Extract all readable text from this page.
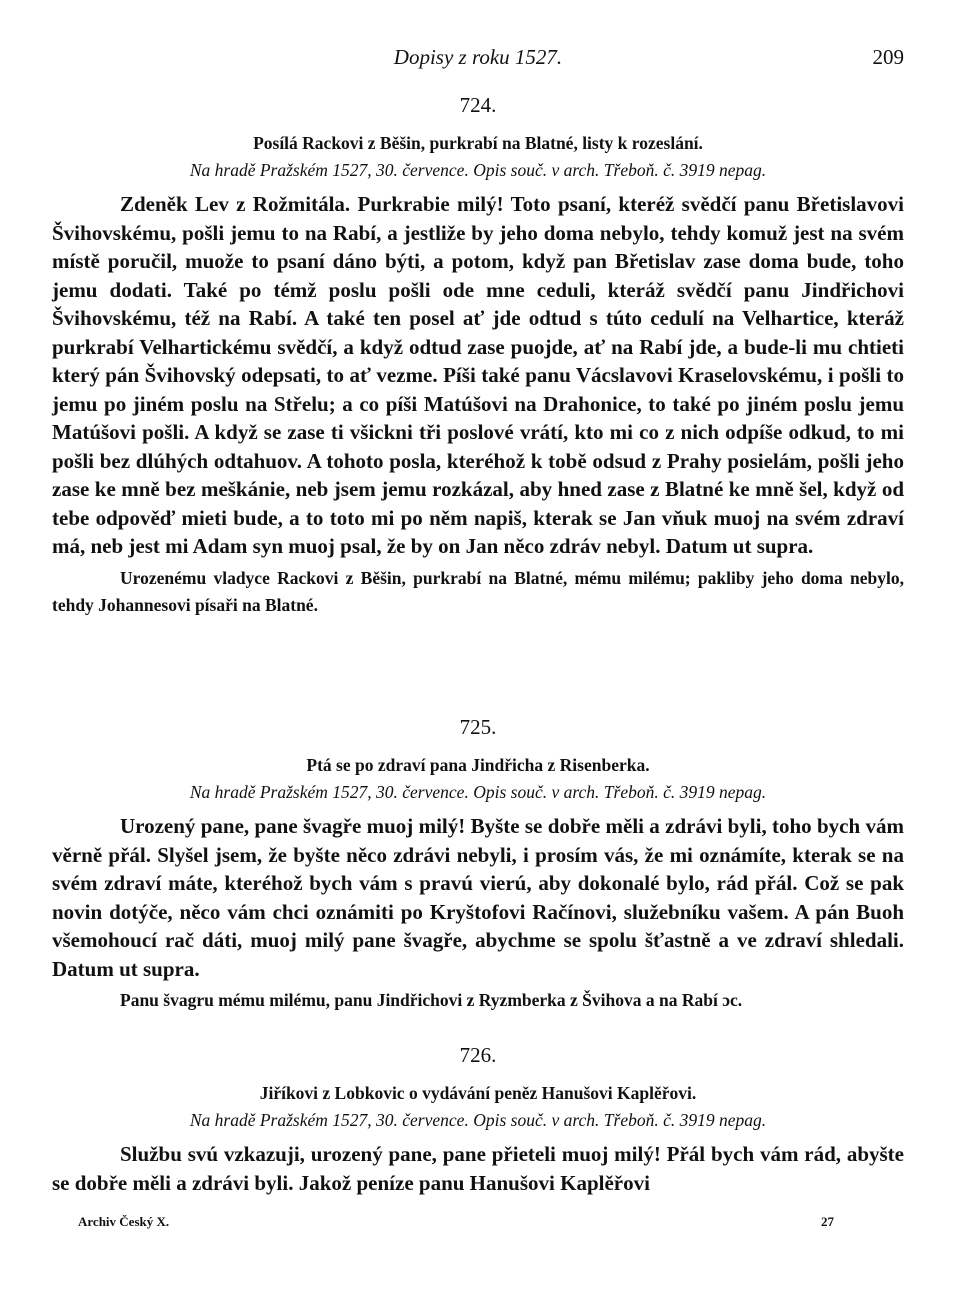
Dopisy z roku 1527.	209
724.
Posílá Rackovi z Běšin, purkrabí na Blatné, listy k rozeslání.
Na hradě Pražském 1527, 30. července. Opis souč. v arch. Třeboň. č. 3919 nepag.
Zdeněk Lev z Rožmitála. Purkrabie milý! Toto psaní, kteréž svědčí panu Břetislavovi Švihovskému, pošli jemu to na Rabí, a jestliže by jeho doma nebylo, tehdy komuž jest na svém místě poručil, muože to psaní dáno býti, a potom, když pan Břetislav zase doma bude, toho jemu dodati. Také po témž poslu pošli ode mne ceduli, kteráž svědčí panu Jindřichovi Švihovskému, též na Rabí. A také ten posel ať jde odtud s túto cedulí na Velhartice, kteráž purkrabí Velhartickému svědčí, a když odtud zase puojde, ať na Rabí jde, a bude-li mu chtieti který pán Švihovský odepsati, to ať vezme. Píši také panu Vácslavovi Kraselovskému, i pošli to jemu po jiném poslu na Střelu; a co píši Matúšovi na Drahonice, to také po jiném poslu jemu Matúšovi pošli. A když se zase ti všickni tři poslové vrátí, kto mi co z nich odpíše odkud, to mi pošli bez dlúhých odtahuov. A tohoto posla, kteréhož k tobě odsud z Prahy posielám, pošli jeho zase ke mně bez meškánie, neb jsem jemu rozkázal, aby hned zase z Blatné ke mně šel, když od tebe odpověď mieti bude, a to toto mi po něm napiš, kterak se Jan vňuk muoj na svém zdraví má, neb jest mi Adam syn muoj psal, že by on Jan něco zdráv nebyl. Datum ut supra.
Urozenému vladyce Rackovi z Běšin, purkrabí na Blatné, mému milému; pakliby jeho doma nebylo, tehdy Johannesovi písaři na Blatné.
725.
Ptá se po zdraví pana Jindřicha z Risenberka.
Na hradě Pražském 1527, 30. července. Opis souč. v arch. Třeboň. č. 3919 nepag.
Urozený pane, pane švagře muoj milý! Byšte se dobře měli a zdrávi byli, toho bych vám věrně přál. Slyšel jsem, že byšte něco zdrávi nebyli, i prosím vás, že mi oznámíte, kterak se na svém zdraví máte, kteréhož bych vám s pravú vierú, aby dokonalé bylo, rád přál. Což se pak novin dotýče, něco vám chci oznámiti po Kryštofovi Račínovi, služebníku vašem. A pán Buoh všemohoucí rač dáti, muoj milý pane švagře, abychme se spolu šťastně a ve zdraví shledali. Datum ut supra.
Panu švagru mému milému, panu Jindřichovi z Ryzmberka z Švihova a na Rabí ɔc.
726.
Jiříkovi z Lobkovic o vydávání peněz Hanušovi Kaplěřovi.
Na hradě Pražském 1527, 30. července. Opis souč. v arch. Třeboň. č. 3919 nepag.
Službu svú vzkazuji, urozený pane, pane přieteli muoj milý! Přál bych vám rád, abyšte se dobře měli a zdrávi byli. Jakož peníze panu Hanušovi Kaplěřovi
Archiv Český X.	27
